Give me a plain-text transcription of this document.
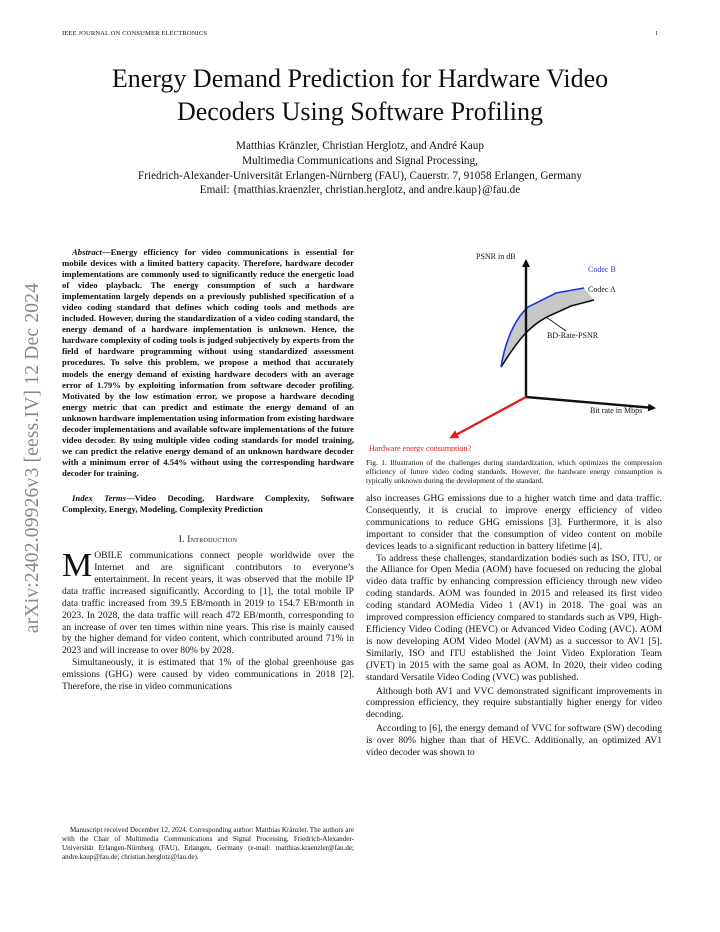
IEEE JOURNAL ON CONSUMER ELECTRONICS	1
Energy Demand Prediction for Hardware Video Decoders Using Software Profiling
Matthias Kränzler, Christian Herglotz, and André Kaup
Multimedia Communications and Signal Processing,
Friedrich-Alexander-Universität Erlangen-Nürnberg (FAU), Cauerstr. 7, 91058 Erlangen, Germany
Email: {matthias.kraenzler, christian.herglotz, and andre.kaup}@fau.de
arXiv:2402.09926v3 [eess.IV] 12 Dec 2024

Abstract—Energy efficiency for video communications is essential for mobile devices with a limited battery capacity. Therefore, hardware decoder implementations are commonly used to significantly reduce the energetic load of video playback. The energy consumption of such a hardware implementation largely depends on a previously published specification of a video coding standard that defines which coding tools and methods are included. However, during the standardization of a video coding standard, the energy demand of a hardware implementation is unknown. Hence, the hardware complexity of coding tools is judged subjectively by experts from the field of hardware programming without using standardized assessment procedures. To solve this problem, we propose a method that accurately models the energy demand of existing hardware decoders with an average error of 1.79% by exploiting information from software decoder profiling. Motivated by the low estimation error, we propose a hardware decoding energy metric that can predict and estimate the energy demand of an unknown hardware implementation using information from existing hardware decoder implementations and available software implementations of the future video decoder. By using multiple video coding standards for model training, we can predict the relative energy demand of an unknown hardware decoder with a minimum error of 4.54% without using the corresponding hardware decoder for training.

Index Terms—Video Decoding, Hardware Complexity, Software Complexity, Energy, Modeling, Complexity Prediction

I. Introduction

MOBILE communications connect people worldwide over the Internet and are significant contributors to everyone’s entertainment. In recent years, it was observed that the mobile IP data traffic increased significantly. According to [1], the total mobile IP data traffic increased from 39.5 EB/month in 2019 to 154.7 EB/month in 2023. In 2028, the data traffic will reach 472 EB/month, corresponding to an increase of over ten times within nine years. This rise is mainly caused by the higher demand for video content, which contributed around 71% in 2023 and will increase to over 80% by 2028.

Simultaneously, it is estimated that 1% of the global greenhouse gas emissions (GHG) were caused by video communications in 2018 [2]. Therefore, the rise in video communications

Manuscript received December 12, 2024. Corresponding author: Matthias Kränzler. The authors are with the Chair of Multimedia Communications and Signal Processing, Friedrich-Alexander-Universität Erlangen-Nürnberg (FAU), Erlangen, Germany (e-mail: matthias.kraenzler@fau.de; andre.kaup@fau.de; christian.herglotz@fau.de).
PSNR in dB
Codec B
Codec A
BD-Rate-PSNR
Bit rate in Mbps
Hardware energy consumption?

Fig. 1. Illustration of the challenges during standardization, which optimizes the compression efficiency of future video coding standards. However, the hardware energy consumption is typically unknown during the development of the standard.

also increases GHG emissions due to a higher watch time and data traffic. Consequently, it is crucial to improve energy efficiency of video communications to reduce GHG emissions [3]. Furthermore, it is also important to consider that the consumption of video content on mobile devices leads to a significant reduction in battery lifetime [4].

To address these challenges, standardization bodies such as ISO, ITU, or the Alliance for Open Media (AOM) have focuesed on reducing the global video data traffic by enhancing compression efficiency through new video coding standards. AOM was founded in 2015 and released its first video coding standard AOMedia Video 1 (AV1) in 2018. The goal was an improved compression efficiency compared to standards such as VP9, High-Efficiency Video Coding (HEVC) or Advanced Video Coding (AVC). AOM is now developing AOM Video Model (AVM) as a successor to AV1 [5]. Similarly, ISO and ITU established the Joint Video Exploration Team (JVET) in 2015 with the same goal as AOM. In 2020, their video coding standard Versatile Video Coding (VVC) was published.

Although both AV1 and VVC demonstrated significant improvements in compression efficiency, they require substantially higher energy for video decoding.

According to [6], the energy demand of VVC for software (SW) decoding is over 80% higher than that of HEVC. Additionally, an optimized AV1 video decoder was shown to
